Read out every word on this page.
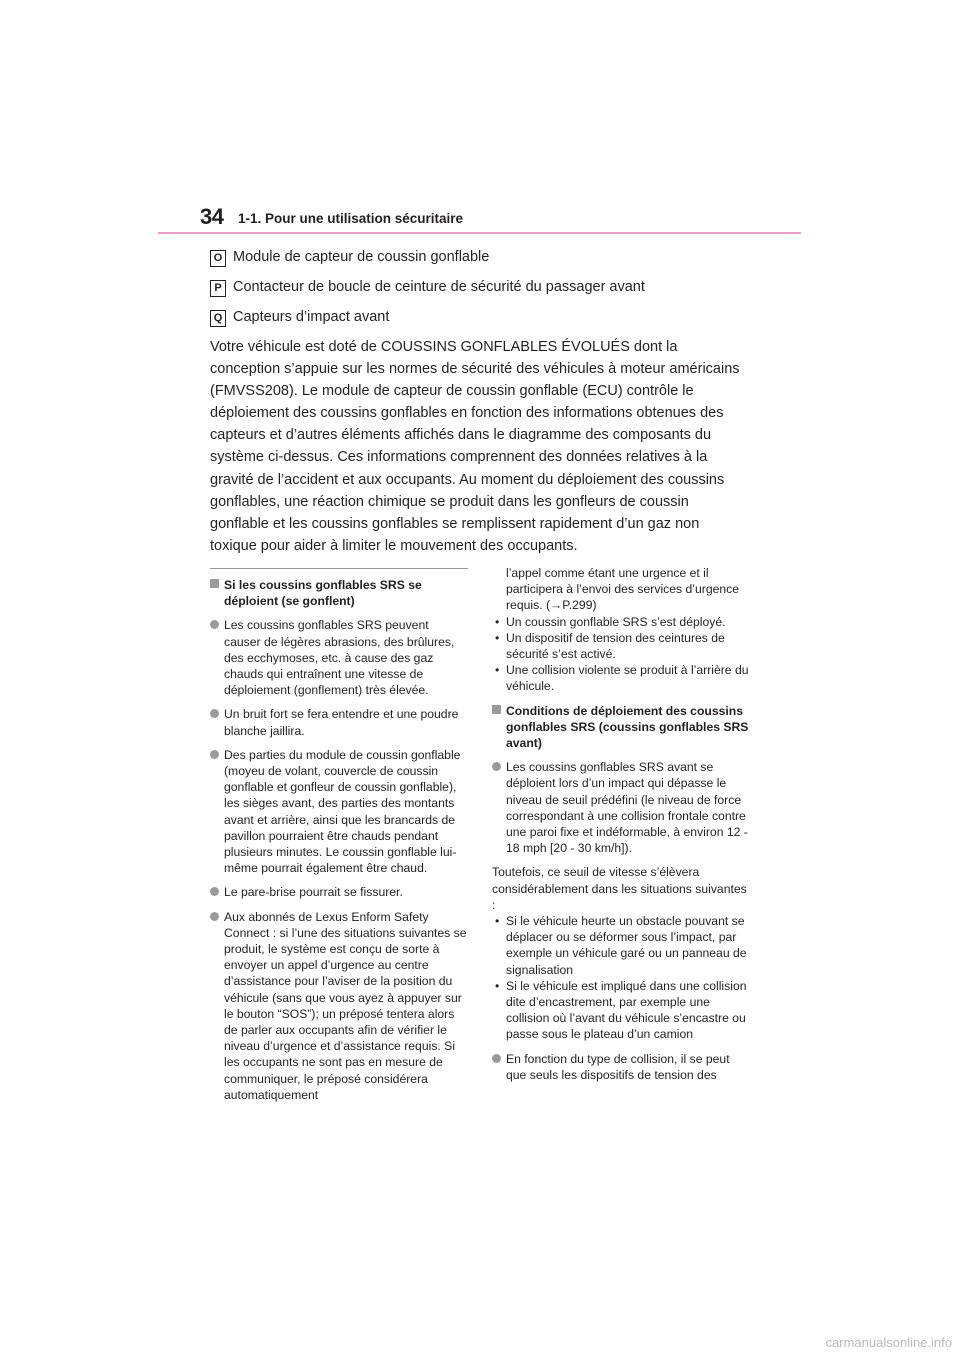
34 1-1. Pour une utilisation sécuritaire
O Module de capteur de coussin gonflable
P Contacteur de boucle de ceinture de sécurité du passager avant
Q Capteurs d’impact avant

Votre véhicule est doté de COUSSINS GONFLABLES ÉVOLUÉS dont la conception s’appuie sur les normes de sécurité des véhicules à moteur américains (FMVSS208). Le module de capteur de coussin gonflable (ECU) contrôle le déploiement des coussins gonflables en fonction des informations obtenues des capteurs et d’autres éléments affichés dans le diagramme des composants du système ci-dessus. Ces informations comprennent des données relatives à la gravité de l’accident et aux occupants. Au moment du déploiement des coussins gonflables, une réaction chimique se produit dans les gonfleurs de coussin gonflable et les coussins gonflables se remplissent rapidement d’un gaz non toxique pour aider à limiter le mouvement des occupants.

Si les coussins gonflables SRS se déploient (se gonflent)
Les coussins gonflables SRS peuvent causer de légères abrasions, des brûlures, des ecchymoses, etc. à cause des gaz chauds qui entraînent une vitesse de déploiement (gonflement) très élevée.
Un bruit fort se fera entendre et une poudre blanche jaillira.
Des parties du module de coussin gonflable (moyeu de volant, couvercle de coussin gonflable et gonfleur de coussin gonflable), les sièges avant, des parties des montants avant et arrière, ainsi que les brancards de pavillon pourraient être chauds pendant plusieurs minutes. Le coussin gonflable lui-même pourrait également être chaud.
Le pare-brise pourrait se fissurer.
Aux abonnés de Lexus Enform Safety Connect : si l’une des situations suivantes se produit, le système est conçu de sorte à envoyer un appel d’urgence au centre d’assistance pour l’aviser de la position du véhicule (sans que vous ayez à appuyer sur le bouton “SOS”); un préposé tentera alors de parler aux occupants afin de vérifier le niveau d’urgence et d’assistance requis. Si les occupants ne sont pas en mesure de communiquer, le préposé considérera automatiquement

l’appel comme étant une urgence et il participera à l’envoi des services d’urgence requis. (→P.299)

• Un coussin gonflable SRS s’est déployé.

• Un dispositif de tension des ceintures de sécurité s’est activé.

• Une collision violente se produit à l’arrière du véhicule.

Conditions de déploiement des coussins gonflables SRS (coussins gonflables SRS avant)
Les coussins gonflables SRS avant se déploient lors d’un impact qui dépasse le niveau de seuil prédéfini (le niveau de force correspondant à une collision frontale contre une paroi fixe et indéformable, à environ 12 - 18 mph [20 - 30 km/h]).

Toutefois, ce seuil de vitesse s’élèvera considérablement dans les situations suivantes :

• Si le véhicule heurte un obstacle pouvant se déplacer ou se déformer sous l’impact, par exemple un véhicule garé ou un panneau de signalisation

• Si le véhicule est impliqué dans une collision dite d’encastrement, par exemple une collision où l’avant du véhicule s’encastre ou passe sous le plateau d’un camion

En fonction du type de collision, il se peut que seuls les dispositifs de tension des
carmanualsonline.info
